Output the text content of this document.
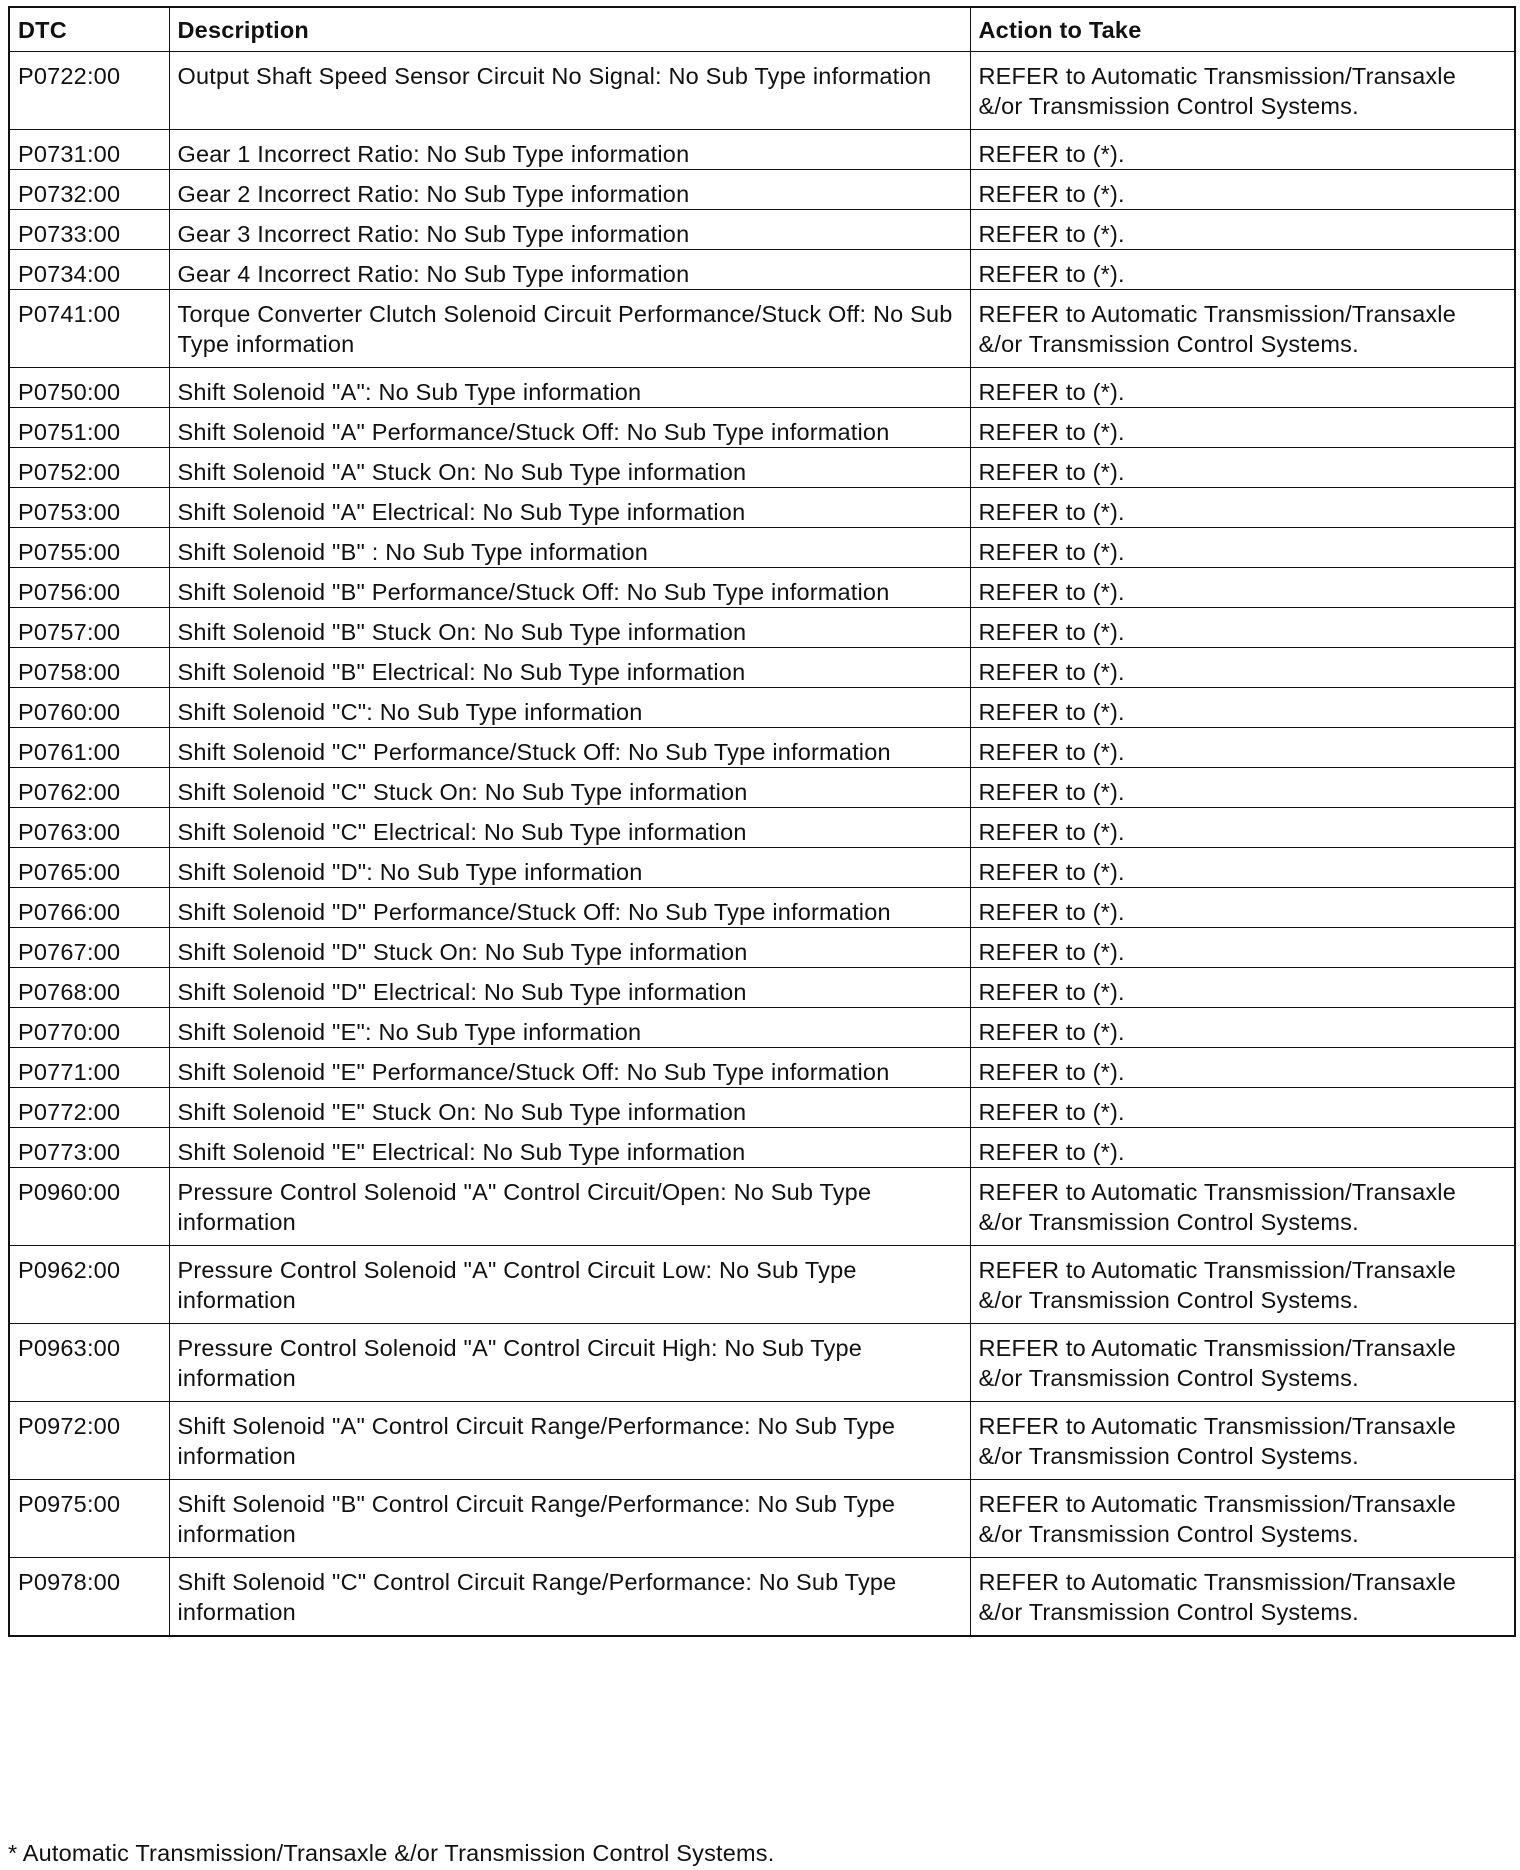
DTC	Description	Action to Take
P0722:00	Output Shaft Speed Sensor Circuit No Signal: No Sub Type information	REFER to Automatic Transmission/Transaxle &/or Transmission Control Systems.
P0731:00	Gear 1 Incorrect Ratio: No Sub Type information	REFER to (*).
P0732:00	Gear 2 Incorrect Ratio: No Sub Type information	REFER to (*).
P0733:00	Gear 3 Incorrect Ratio: No Sub Type information	REFER to (*).
P0734:00	Gear 4 Incorrect Ratio: No Sub Type information	REFER to (*).
P0741:00	Torque Converter Clutch Solenoid Circuit Performance/Stuck Off: No Sub Type information	REFER to Automatic Transmission/Transaxle &/or Transmission Control Systems.
P0750:00	Shift Solenoid "A": No Sub Type information	REFER to (*).
P0751:00	Shift Solenoid "A" Performance/Stuck Off: No Sub Type information	REFER to (*).
P0752:00	Shift Solenoid "A" Stuck On: No Sub Type information	REFER to (*).
P0753:00	Shift Solenoid "A" Electrical: No Sub Type information	REFER to (*).
P0755:00	Shift Solenoid "B" : No Sub Type information	REFER to (*).
P0756:00	Shift Solenoid "B" Performance/Stuck Off: No Sub Type information	REFER to (*).
P0757:00	Shift Solenoid "B" Stuck On: No Sub Type information	REFER to (*).
P0758:00	Shift Solenoid "B" Electrical: No Sub Type information	REFER to (*).
P0760:00	Shift Solenoid "C": No Sub Type information	REFER to (*).
P0761:00	Shift Solenoid "C" Performance/Stuck Off: No Sub Type information	REFER to (*).
P0762:00	Shift Solenoid "C" Stuck On: No Sub Type information	REFER to (*).
P0763:00	Shift Solenoid "C" Electrical: No Sub Type information	REFER to (*).
P0765:00	Shift Solenoid "D": No Sub Type information	REFER to (*).
P0766:00	Shift Solenoid "D" Performance/Stuck Off: No Sub Type information	REFER to (*).
P0767:00	Shift Solenoid "D" Stuck On: No Sub Type information	REFER to (*).
P0768:00	Shift Solenoid "D" Electrical: No Sub Type information	REFER to (*).
P0770:00	Shift Solenoid "E": No Sub Type information	REFER to (*).
P0771:00	Shift Solenoid "E" Performance/Stuck Off: No Sub Type information	REFER to (*).
P0772:00	Shift Solenoid "E" Stuck On: No Sub Type information	REFER to (*).
P0773:00	Shift Solenoid "E" Electrical: No Sub Type information	REFER to (*).
P0960:00	Pressure Control Solenoid "A" Control Circuit/Open: No Sub Type information	REFER to Automatic Transmission/Transaxle &/or Transmission Control Systems.
P0962:00	Pressure Control Solenoid "A" Control Circuit Low: No Sub Type information	REFER to Automatic Transmission/Transaxle &/or Transmission Control Systems.
P0963:00	Pressure Control Solenoid "A" Control Circuit High: No Sub Type information	REFER to Automatic Transmission/Transaxle &/or Transmission Control Systems.
P0972:00	Shift Solenoid "A" Control Circuit Range/Performance: No Sub Type information	REFER to Automatic Transmission/Transaxle &/or Transmission Control Systems.
P0975:00	Shift Solenoid "B" Control Circuit Range/Performance: No Sub Type information	REFER to Automatic Transmission/Transaxle &/or Transmission Control Systems.
P0978:00	Shift Solenoid "C" Control Circuit Range/Performance: No Sub Type information	REFER to Automatic Transmission/Transaxle &/or Transmission Control Systems.
* Automatic Transmission/Transaxle &/or Transmission Control Systems.
